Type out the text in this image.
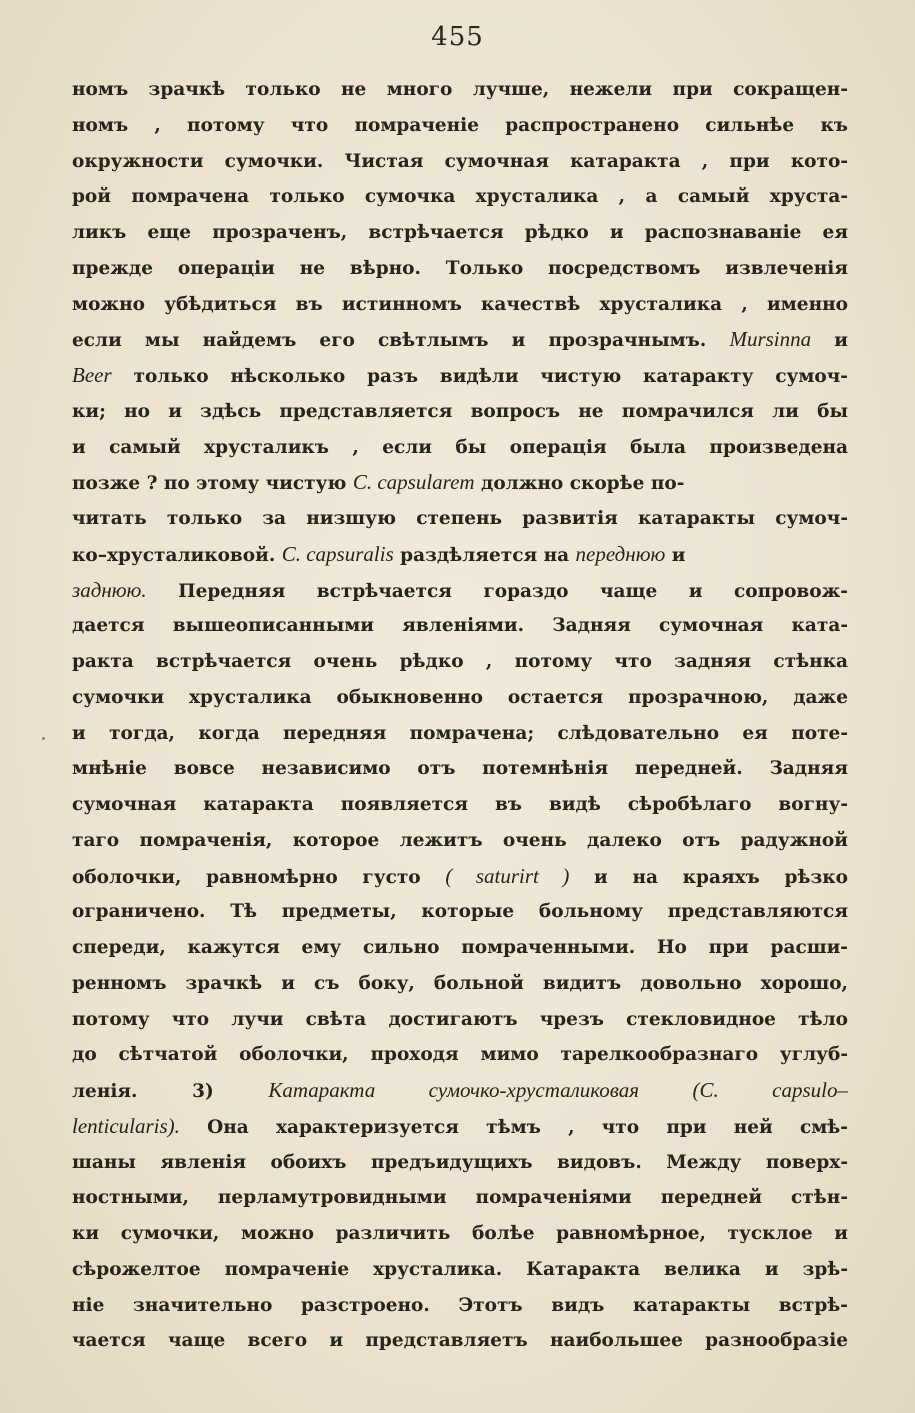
455
номъ зрачкѣ только не много лучше, нежели при сокращен-
номъ , потому что помраченіе распространено сильнѣе къ
окружности сумочки. Чистая сумочная катаракта , при кото-
рой помрачена только сумочка хрусталика , а самый хруста-
ликъ еще прозраченъ, встрѣчается рѣдко и распознаваніе ея
прежде операціи не вѣрно. Только посредствомъ извлеченія
можно убѣдиться въ истинномъ качествѣ хрусталика , именно
если мы найдемъ его свѣтлымъ и прозрачнымъ. Mursinna и
Beer только нѣсколько разъ видѣли чистую катаракту сумоч-
ки; но и здѣсь представляется вопросъ не помрачился ли бы
и самый хрусталикъ , если бы операція была произведена
позже ? по этому чистую C. capsularem должно скорѣе по-
читать только за низшую степень развитія катаракты сумоч-
ко–хрусталиковой. C. capsuralis раздѣляется на переднюю и
заднюю. Передняя встрѣчается гораздо чаще и сопровож-
дается вышеописанными явленіями. Задняя сумочная ката-
ракта встрѣчается очень рѣдко , потому что задняя стѣнка
сумочки хрусталика обыкновенно остается прозрачною, даже
и тогда, когда передняя помрачена; слѣдовательно ея поте-
мнѣніе вовсе независимо отъ потемнѣнія передней. Задняя
сумочная катаракта появляется въ видѣ сѣробѣлаго вогну-
таго помраченія, которое лежитъ очень далеко отъ радужной
оболочки, равномѣрно густо ( saturirt ) и на краяхъ рѣзко
ограничено. Тѣ предметы, которые больному представляются
спереди, кажутся ему сильно помраченными. Но при расши-
ренномъ зрачкѣ и съ боку, больной видитъ довольно хорошо,
потому что лучи свѣта достигаютъ чрезъ стекловидное тѣло
до сѣтчатой оболочки, проходя мимо тарелкообразнаго углуб-
ленія. 3) Катаракта сумочко-хрусталиковая (C. capsulo–
lenticularis). Она характеризуется тѣмъ , что при ней смѣ-
шаны явленія обоихъ предъидущихъ видовъ. Между поверх-
ностными, перламутровидными помраченіями передней стѣн-
ки сумочки, можно различить болѣе равномѣрное, тусклое и
сѣрожелтое помраченіе хрусталика. Катаракта велика и зрѣ-
ніе значительно разстроено. Этотъ видъ катаракты встрѣ-
чается чаще всего и представляетъ наибольшее разнообразіе
